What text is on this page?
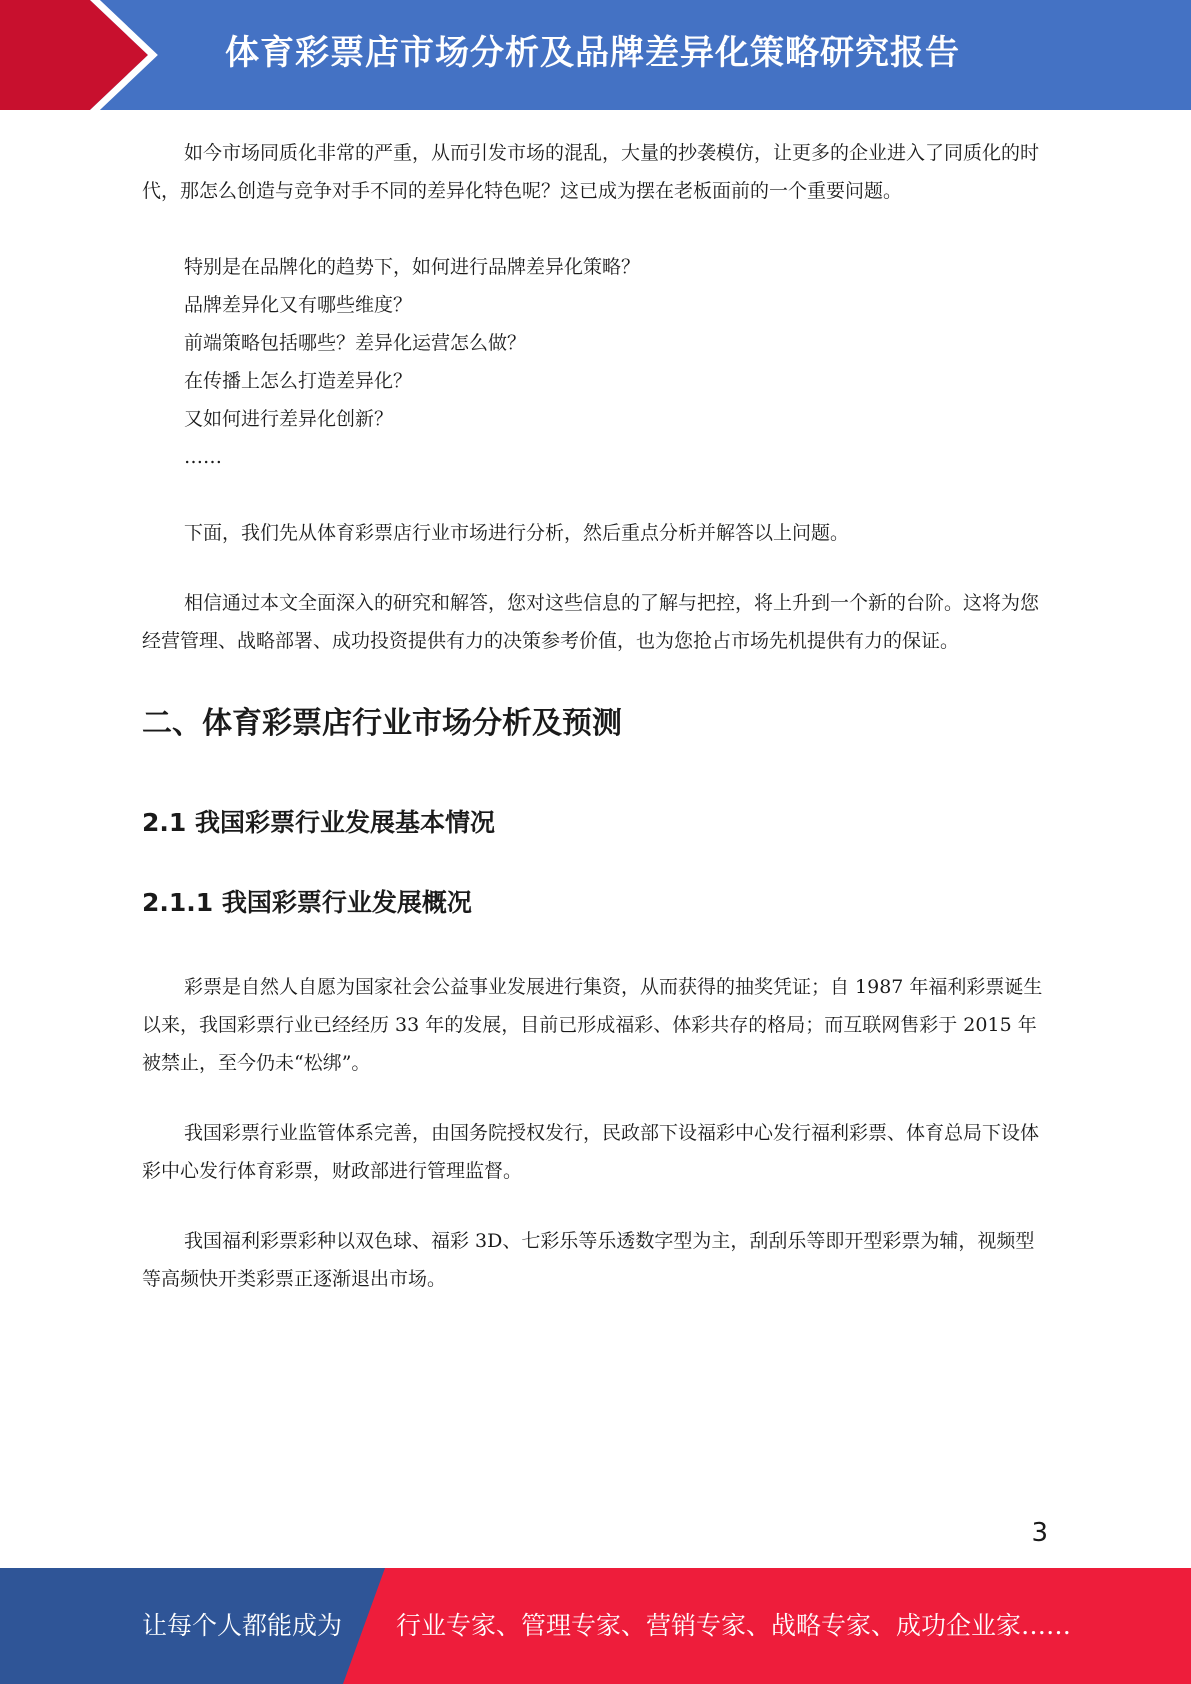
体育彩票店市场分析及品牌差异化策略研究报告

如今市场同质化非常的严重，从而引发市场的混乱，大量的抄袭模仿，让更多的企业进入了同质化的时代，那怎么创造与竞争对手不同的差异化特色呢？这已成为摆在老板面前的一个重要问题。

特别是在品牌化的趋势下，如何进行品牌差异化策略？
品牌差异化又有哪些维度？
前端策略包括哪些？差异化运营怎么做？
在传播上怎么打造差异化？
又如何进行差异化创新？
……

下面，我们先从体育彩票店行业市场进行分析，然后重点分析并解答以上问题。

相信通过本文全面深入的研究和解答，您对这些信息的了解与把控，将上升到一个新的台阶。这将为您经营管理、战略部署、成功投资提供有力的决策参考价值，也为您抢占市场先机提供有力的保证。

二、体育彩票店行业市场分析及预测
2.1 我国彩票行业发展基本情况
2.1.1 我国彩票行业发展概况

彩票是自然人自愿为国家社会公益事业发展进行集资，从而获得的抽奖凭证；自 1987 年福利彩票诞生以来，我国彩票行业已经经历 33 年的发展，目前已形成福彩、体彩共存的格局；而互联网售彩于 2015 年被禁止，至今仍未“松绑”。

我国彩票行业监管体系完善，由国务院授权发行，民政部下设福彩中心发行福利彩票、体育总局下设体彩中心发行体育彩票，财政部进行管理监督。

我国福利彩票彩种以双色球、福彩 3D、七彩乐等乐透数字型为主，刮刮乐等即开型彩票为辅，视频型等高频快开类彩票正逐渐退出市场。

3
让每个人都能成为 行业专家、管理专家、营销专家、战略专家、成功企业家……
